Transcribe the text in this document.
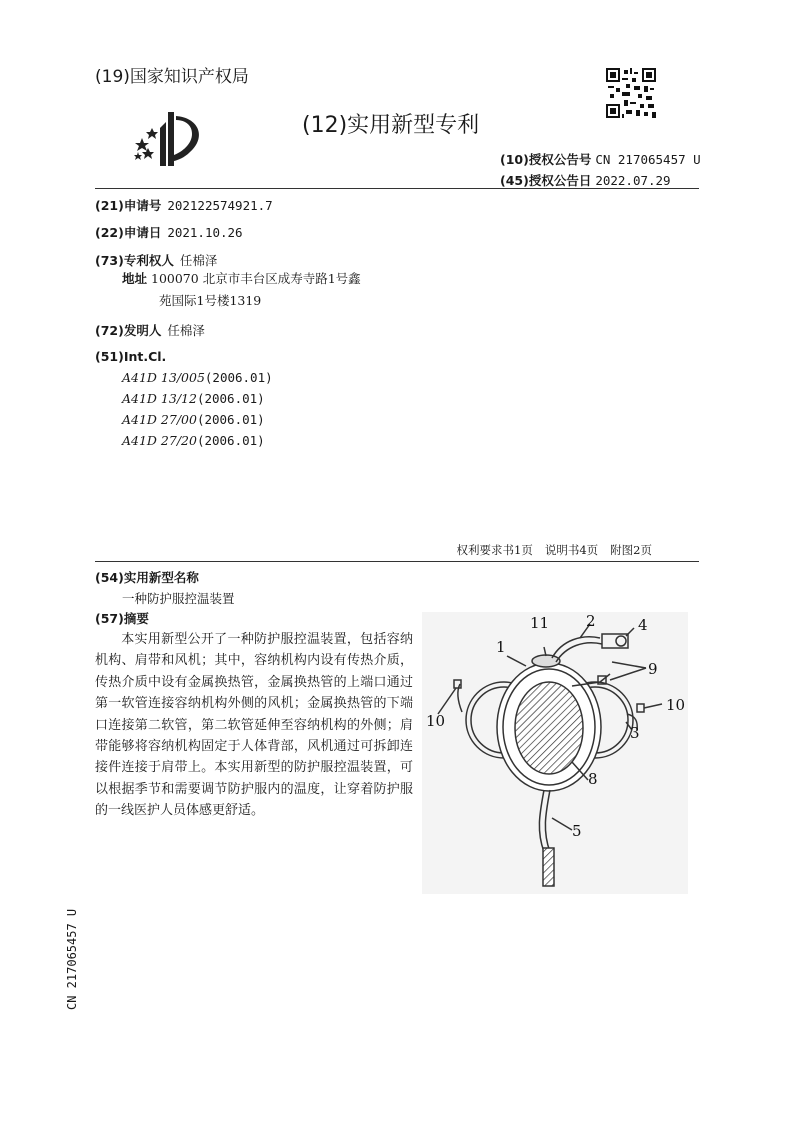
(19)国家知识产权局
(12)实用新型专利
(10)授权公告号 CN 217065457 U
(45)授权公告日 2022.07.29
(21)申请号 202122574921.7
(22)申请日 2021.10.26
(73)专利权人 任棉泽
地址 100070 北京市丰台区成寿寺路1号鑫
苑国际1号楼1319
(72)发明人 任棉泽
(51)Int.Cl.
A41D 13/005(2006.01)
A41D 13/12(2006.01)
A41D 27/00(2006.01)
A41D 27/20(2006.01)
权利要求书1页 说明书4页 附图2页
(54)实用新型名称
一种防护服控温装置
(57)摘要
本实用新型公开了一种防护服控温装置，包括容纳机构、肩带和风机；其中，容纳机构内设有传热介质，传热介质中设有金属换热管，金属换热管的上端口通过第一软管连接容纳机构外侧的风机；金属换热管的下端口连接第二软管，第二软管延伸至容纳机构的外侧；肩带能够将容纳机构固定于人体背部，风机通过可拆卸连接件连接于肩带上。本实用新型的防护服控温装置，可以根据季节和需要调节防护服内的温度，让穿着防护服的一线医护人员体感更舒适。
11
1
2	4
9
10
3
10
8
5
CN 217065457 U
